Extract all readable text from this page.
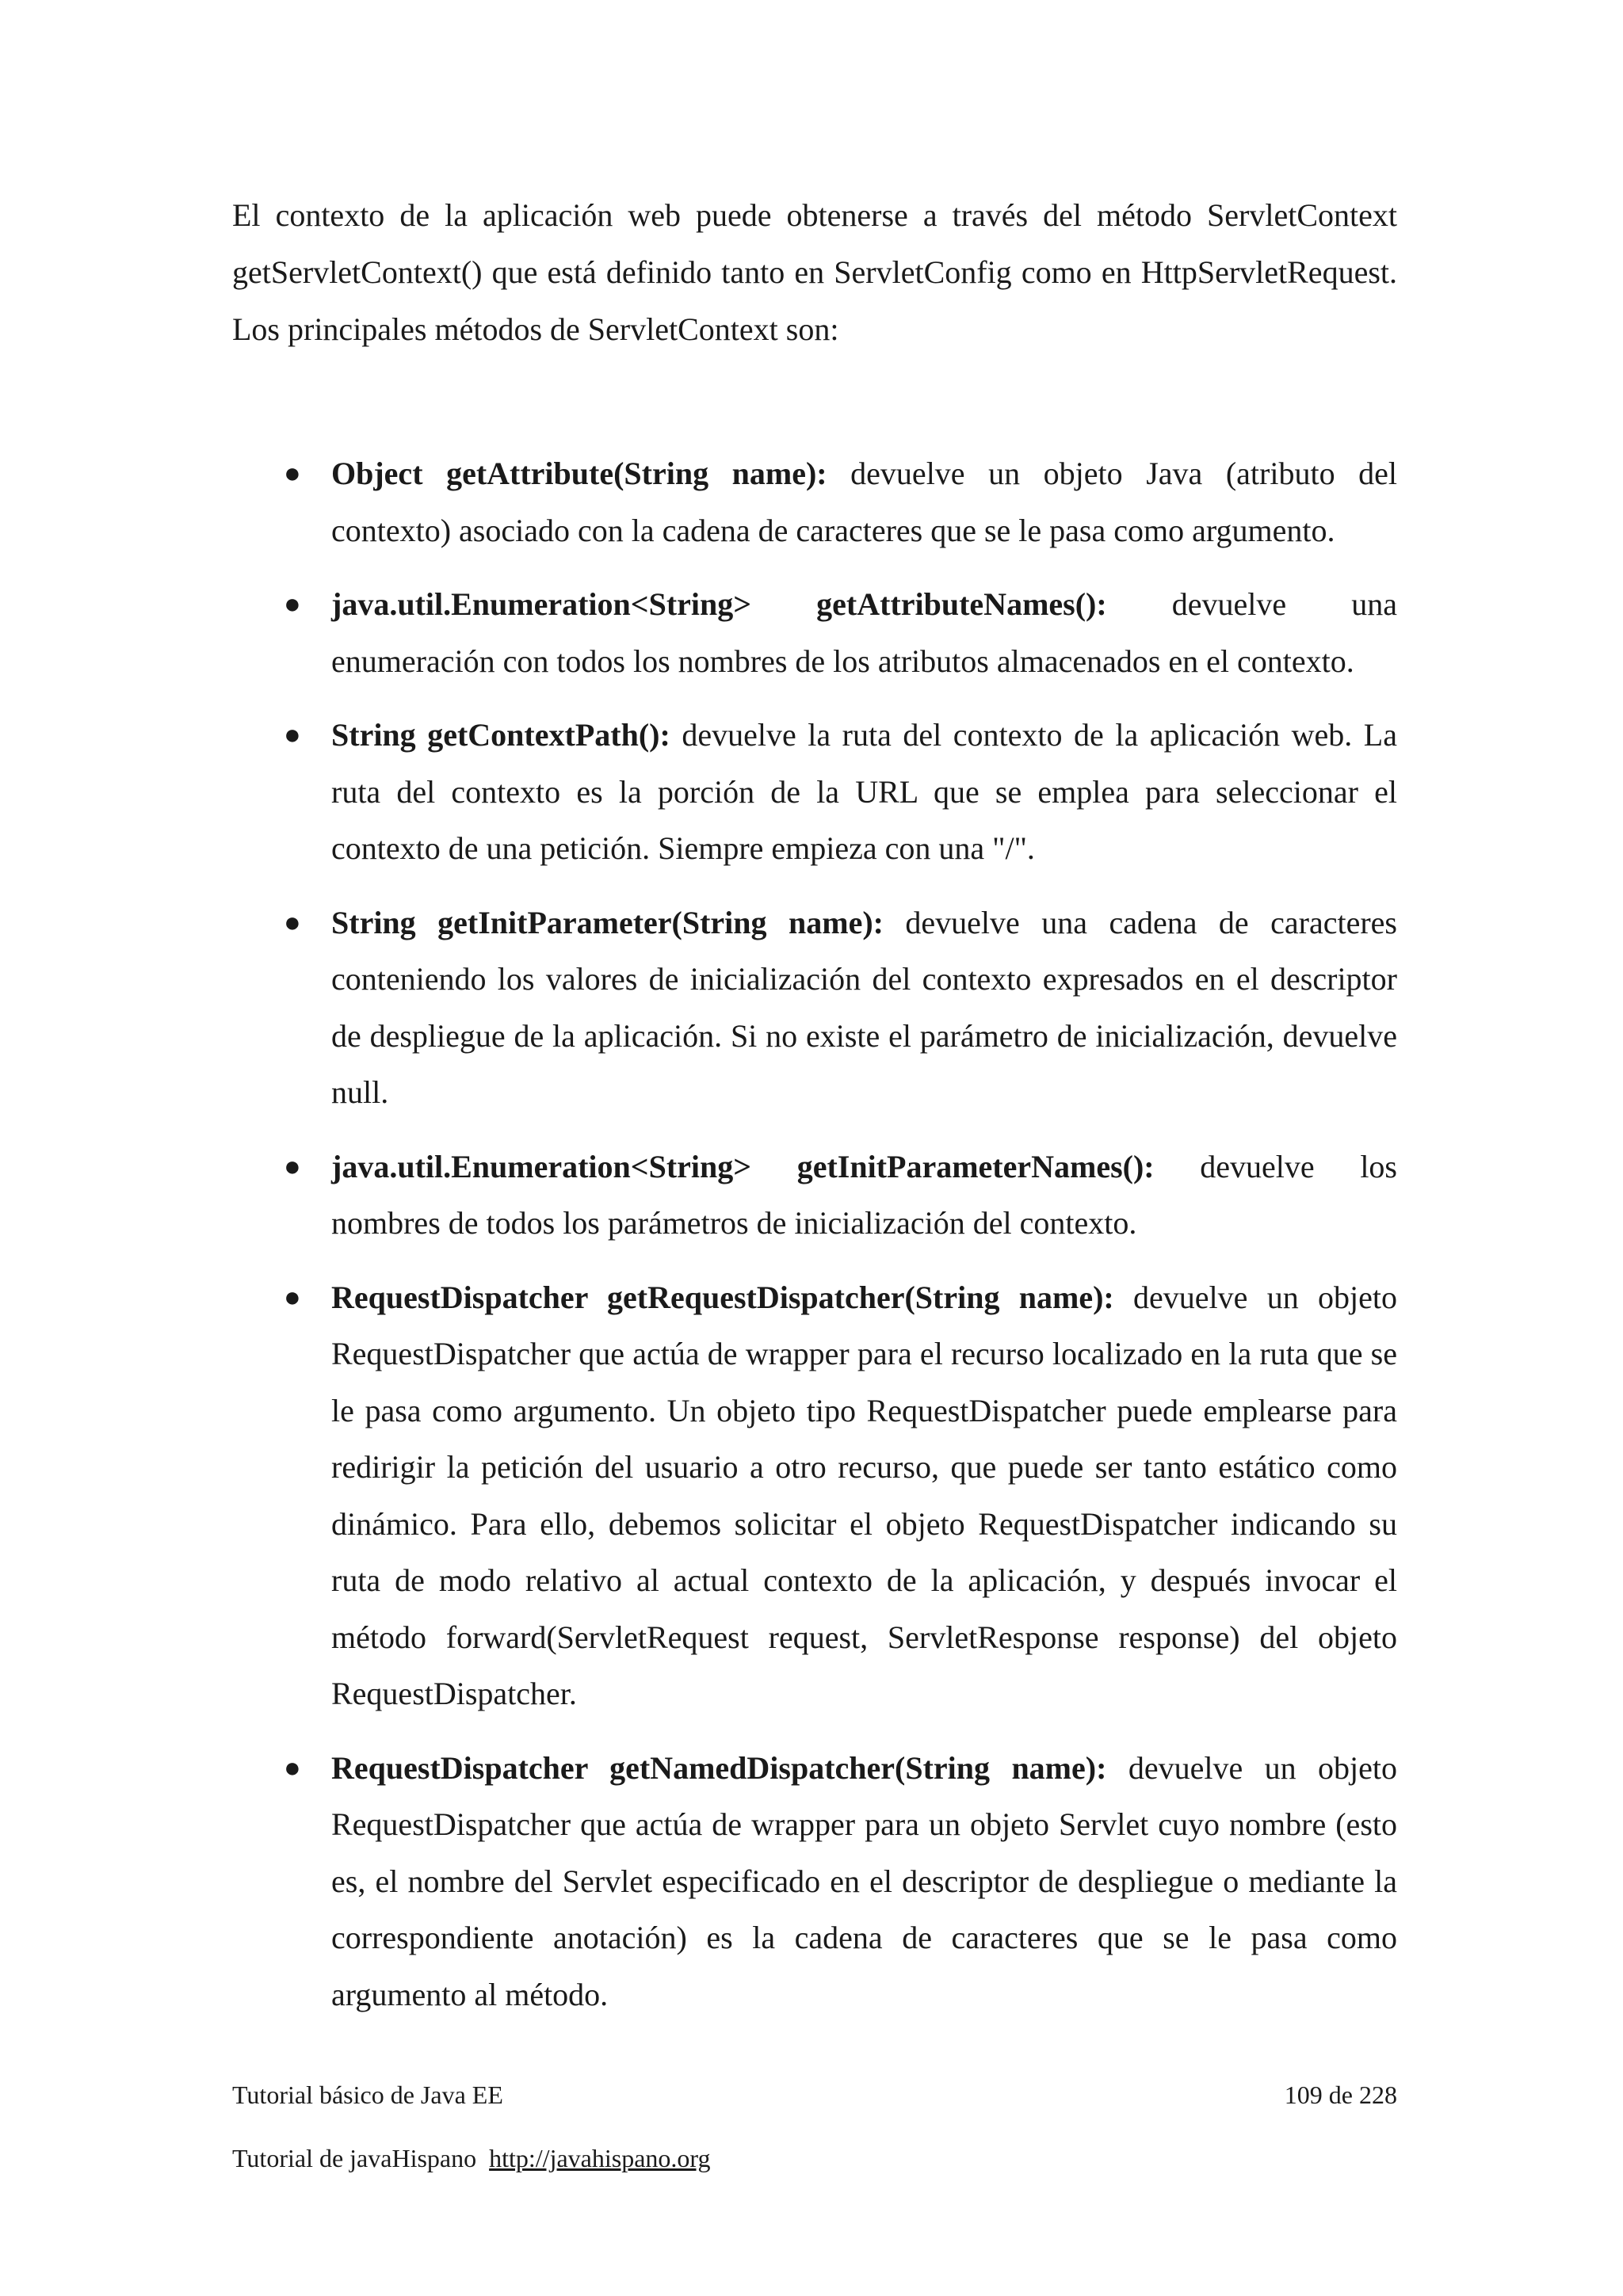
El contexto de la aplicación web puede obtenerse a través del método ServletContext getServletContext() que está definido tanto en ServletConfig como en HttpServletRequest. Los principales métodos de ServletContext son:

● Object getAttribute(String name): devuelve un objeto Java (atributo del contexto) asociado con la cadena de caracteres que se le pasa como argumento.
● java.util.Enumeration<String> getAttributeNames(): devuelve una enumeración con todos los nombres de los atributos almacenados en el contexto.
● String getContextPath(): devuelve la ruta del contexto de la aplicación web. La ruta del contexto es la porción de la URL que se emplea para seleccionar el contexto de una petición. Siempre empieza con una "/".
● String getInitParameter(String name): devuelve una cadena de caracteres conteniendo los valores de inicialización del contexto expresados en el descriptor de despliegue de la aplicación. Si no existe el parámetro de inicialización, devuelve null.
● java.util.Enumeration<String> getInitParameterNames(): devuelve los nombres de todos los parámetros de inicialización del contexto.
● RequestDispatcher getRequestDispatcher(String name): devuelve un objeto RequestDispatcher que actúa de wrapper para el recurso localizado en la ruta que se le pasa como argumento. Un objeto tipo RequestDispatcher puede emplearse para redirigir la petición del usuario a otro recurso, que puede ser tanto estático como dinámico. Para ello, debemos solicitar el objeto RequestDispatcher indicando su ruta de modo relativo al actual contexto de la aplicación, y después invocar el método forward(ServletRequest request, ServletResponse response) del objeto RequestDispatcher.
● RequestDispatcher getNamedDispatcher(String name): devuelve un objeto RequestDispatcher que actúa de wrapper para un objeto Servlet cuyo nombre (esto es, el nombre del Servlet especificado en el descriptor de despliegue o mediante la correspondiente anotación) es la cadena de caracteres que se le pasa como argumento al método.
Tutorial básico de Java EE	109 de 228
Tutorial de javaHispano http://javahispano.org
